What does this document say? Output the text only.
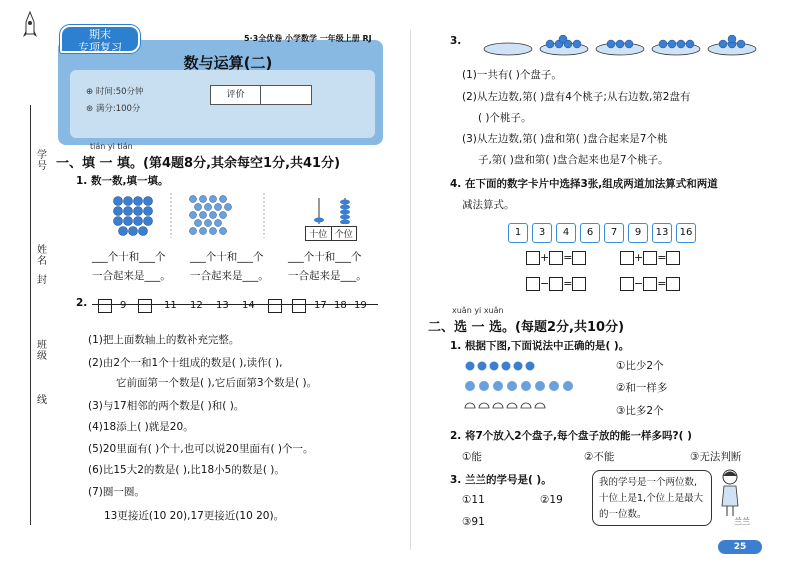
学号
姓名
封
班级
线
数与运算(二)
⊕ 时间:50分钟
⊛ 满分:100分
评价
期末
专项复习
5·3全优卷 小学数学 一年级上册 RJ
tián yi tián
一、填 一 填。(第4题8分,其余每空1分,共41分)
1. 数一数,填一填。
十位 个位
___个十和___个 ___个十和___个 ___个十和___个
一合起来是___。 一合起来是___。 一合起来是___。
2.	9	11 12 13 14	17 18 19
(1)把上面数轴上的数补充完整。
(2)由2个一和1个十组成的数是( ),读作( ),
它前面第一个数是( ),它后面第3个数是( )。
(3)与17相邻的两个数是( )和( )。
(4)18添上( )就是20。
(5)20里面有( )个十,也可以说20里面有( )个一。
(6)比15大2的数是( ),比18小5的数是( )。
(7)圈一圈。
13更接近(10 20),17更接近(10 20)。
3.
(1)一共有( )个盘子。
(2)从左边数,第( )盘有4个桃子;从右边数,第2盘有
( )个桃子。
(3)从左边数,第( )盘和第( )盘合起来是7个桃
子,第( )盘和第( )盘合起来也是7个桃子。
4. 在下面的数字卡片中选择3张,组成两道加法算式和两道
减法算式。
1 3 4 6 7 9 13 16
+ =	+ =
− =	− =
xuǎn yi xuǎn
二、选 一 选。(每题2分,共10分)
1. 根据下图,下面说法中正确的是( )。
①比少2个
②和一样多
③比多2个
2. 将7个放入2个盘子,每个盘子放的能一样多吗?( )
①能	②不能	③无法判断
3. 兰兰的学号是( )。
①11	②19
③91
我的学号是一个两位数,十位上是1,个位上是最大的一位数。
兰兰
25
